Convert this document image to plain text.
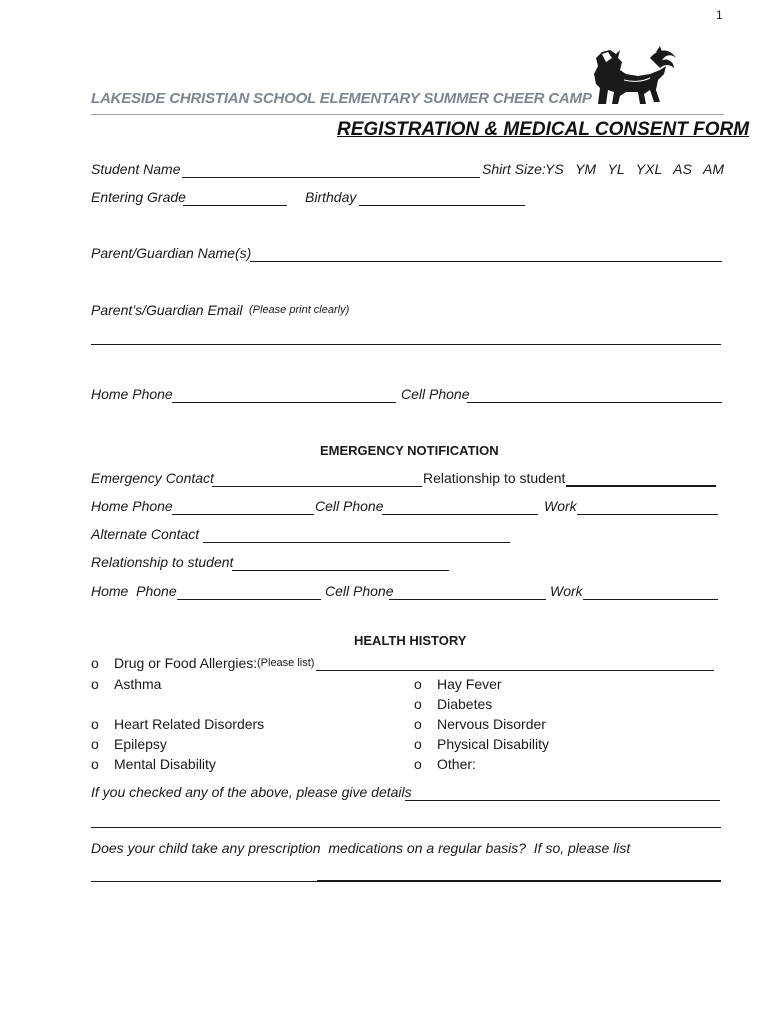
1
LAKESIDE CHRISTIAN SCHOOL ELEMENTARY SUMMER CHEER CAMP
REGISTRATION & MEDICAL CONSENT FORM
Student Name	Shirt Size: YS   YM   YL   YXL   AS   AM
Entering Grade	Birthday
Parent/Guardian Name(s)
Parent’s/Guardian Email (Please print clearly)
Home Phone	Cell Phone
EMERGENCY NOTIFICATION
Emergency Contact	Relationship to student
Home Phone	Cell Phone	Work
Alternate Contact
Relationship to student
Home  Phone	Cell Phone	Work
HEALTH HISTORY
o Drug or Food Allergies: (Please list)
o Asthma
o Heart Related Disorders
o Epilepsy
o Mental Disability
o Hay Fever
o Diabetes
o Nervous Disorder
o Physical Disability
o Other:
If you checked any of the above, please give details
Does your child take any prescription  medications on a regular basis?  If so, please list
